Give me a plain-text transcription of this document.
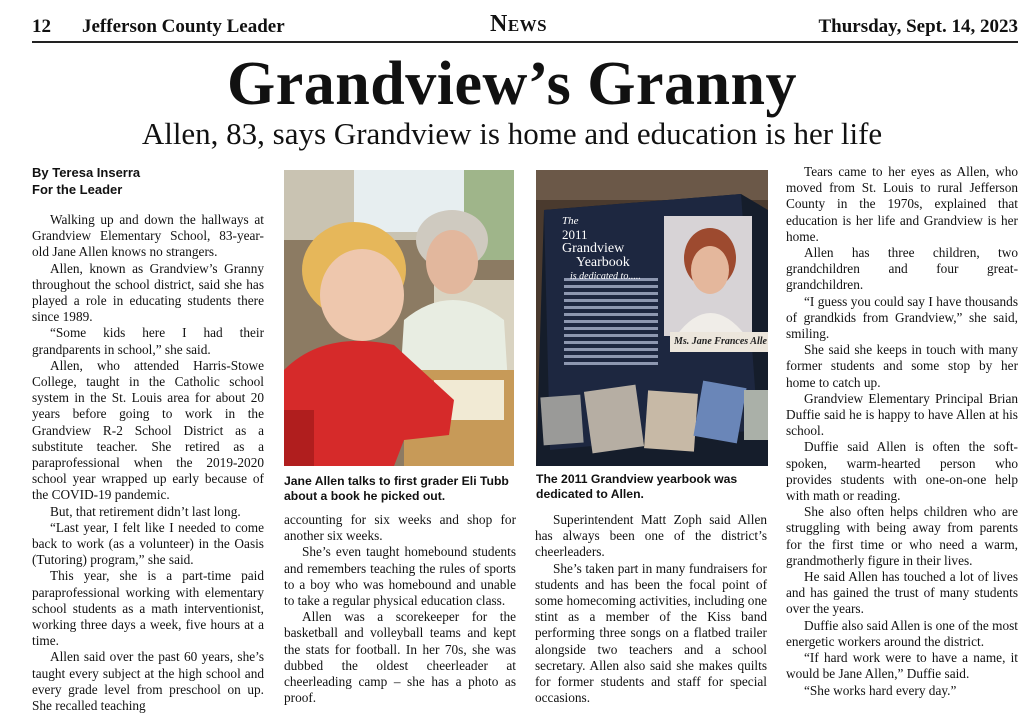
12 Jefferson County Leader	News	Thursday, Sept. 14, 2023
Grandview’s Granny
Allen, 83, says Grandview is home and education is her life
By Teresa Inserra
For the Leader

Walking up and down the hallways at Grandview Elementary School, 83-year-old Jane Allen knows no strangers.

Allen, known as Grandview’s Granny throughout the school district, said she has played a role in educating students there since 1989.

“Some kids here I had their grandparents in school,” she said.

Allen, who attended Harris-Stowe College, taught in the Catholic school system in the St. Louis area for about 20 years before going to work in the Grandview R-2 School District as a substitute teacher. She retired as a paraprofessional when the 2019-2020 school year wrapped up early because of the COVID-19 pandemic.

But, that retirement didn’t last long.

“Last year, I felt like I needed to come back to work (as a volunteer) in the Oasis (Tutoring) program,” she said.

This year, she is a part-time paid paraprofessional working with elementary school students as a math interventionist, working three days a week, five hours at a time.

Allen said over the past 60 years, she’s taught every subject at the high school and every grade level from preschool on up. She recalled teaching

Jane Allen talks to first grader Eli Tubb about a book he picked out.
The
2011
Grandview
Yearbook
is dedicated to.....
Ms. Jane Frances Alle
The 2011 Grandview yearbook was dedicated to Allen.

accounting for six weeks and shop for another six weeks.

She’s even taught homebound students and remembers teaching the rules of sports to a boy who was homebound and unable to take a regular physical education class.

Allen was a scorekeeper for the basketball and volleyball teams and kept the stats for football. In her 70s, she was dubbed the oldest cheerleader at cheerleading camp – she has a photo as proof.

Superintendent Matt Zoph said Allen has always been one of the district’s cheerleaders.

She’s taken part in many fundraisers for students and has been the focal point of some homecoming activities, including one stint as a member of the Kiss band performing three songs on a flatbed trailer alongside two teachers and a school secretary. Allen also said she makes quilts for former students and staff for special occasions.

Tears came to her eyes as Allen, who moved from St. Louis to rural Jefferson County in the 1970s, explained that education is her life and Grandview is her home.

Allen has three children, two grandchildren and four great-grandchildren.

“I guess you could say I have thousands of grandkids from Grandview,” she said, smiling.

She said she keeps in touch with many former students and some stop by her home to catch up.

Grandview Elementary Principal Brian Duffie said he is happy to have Allen at his school.

Duffie said Allen is often the soft-spoken, warm-hearted person who provides students with one-on-one help with math or reading.

She also often helps children who are struggling with being away from parents for the first time or who need a warm, grandmotherly figure in their lives.

He said Allen has touched a lot of lives and has gained the trust of many students over the years.

Duffie also said Allen is one of the most energetic workers around the district.

“If hard work were to have a name, it would be Jane Allen,” Duffie said.

“She works hard every day.”
